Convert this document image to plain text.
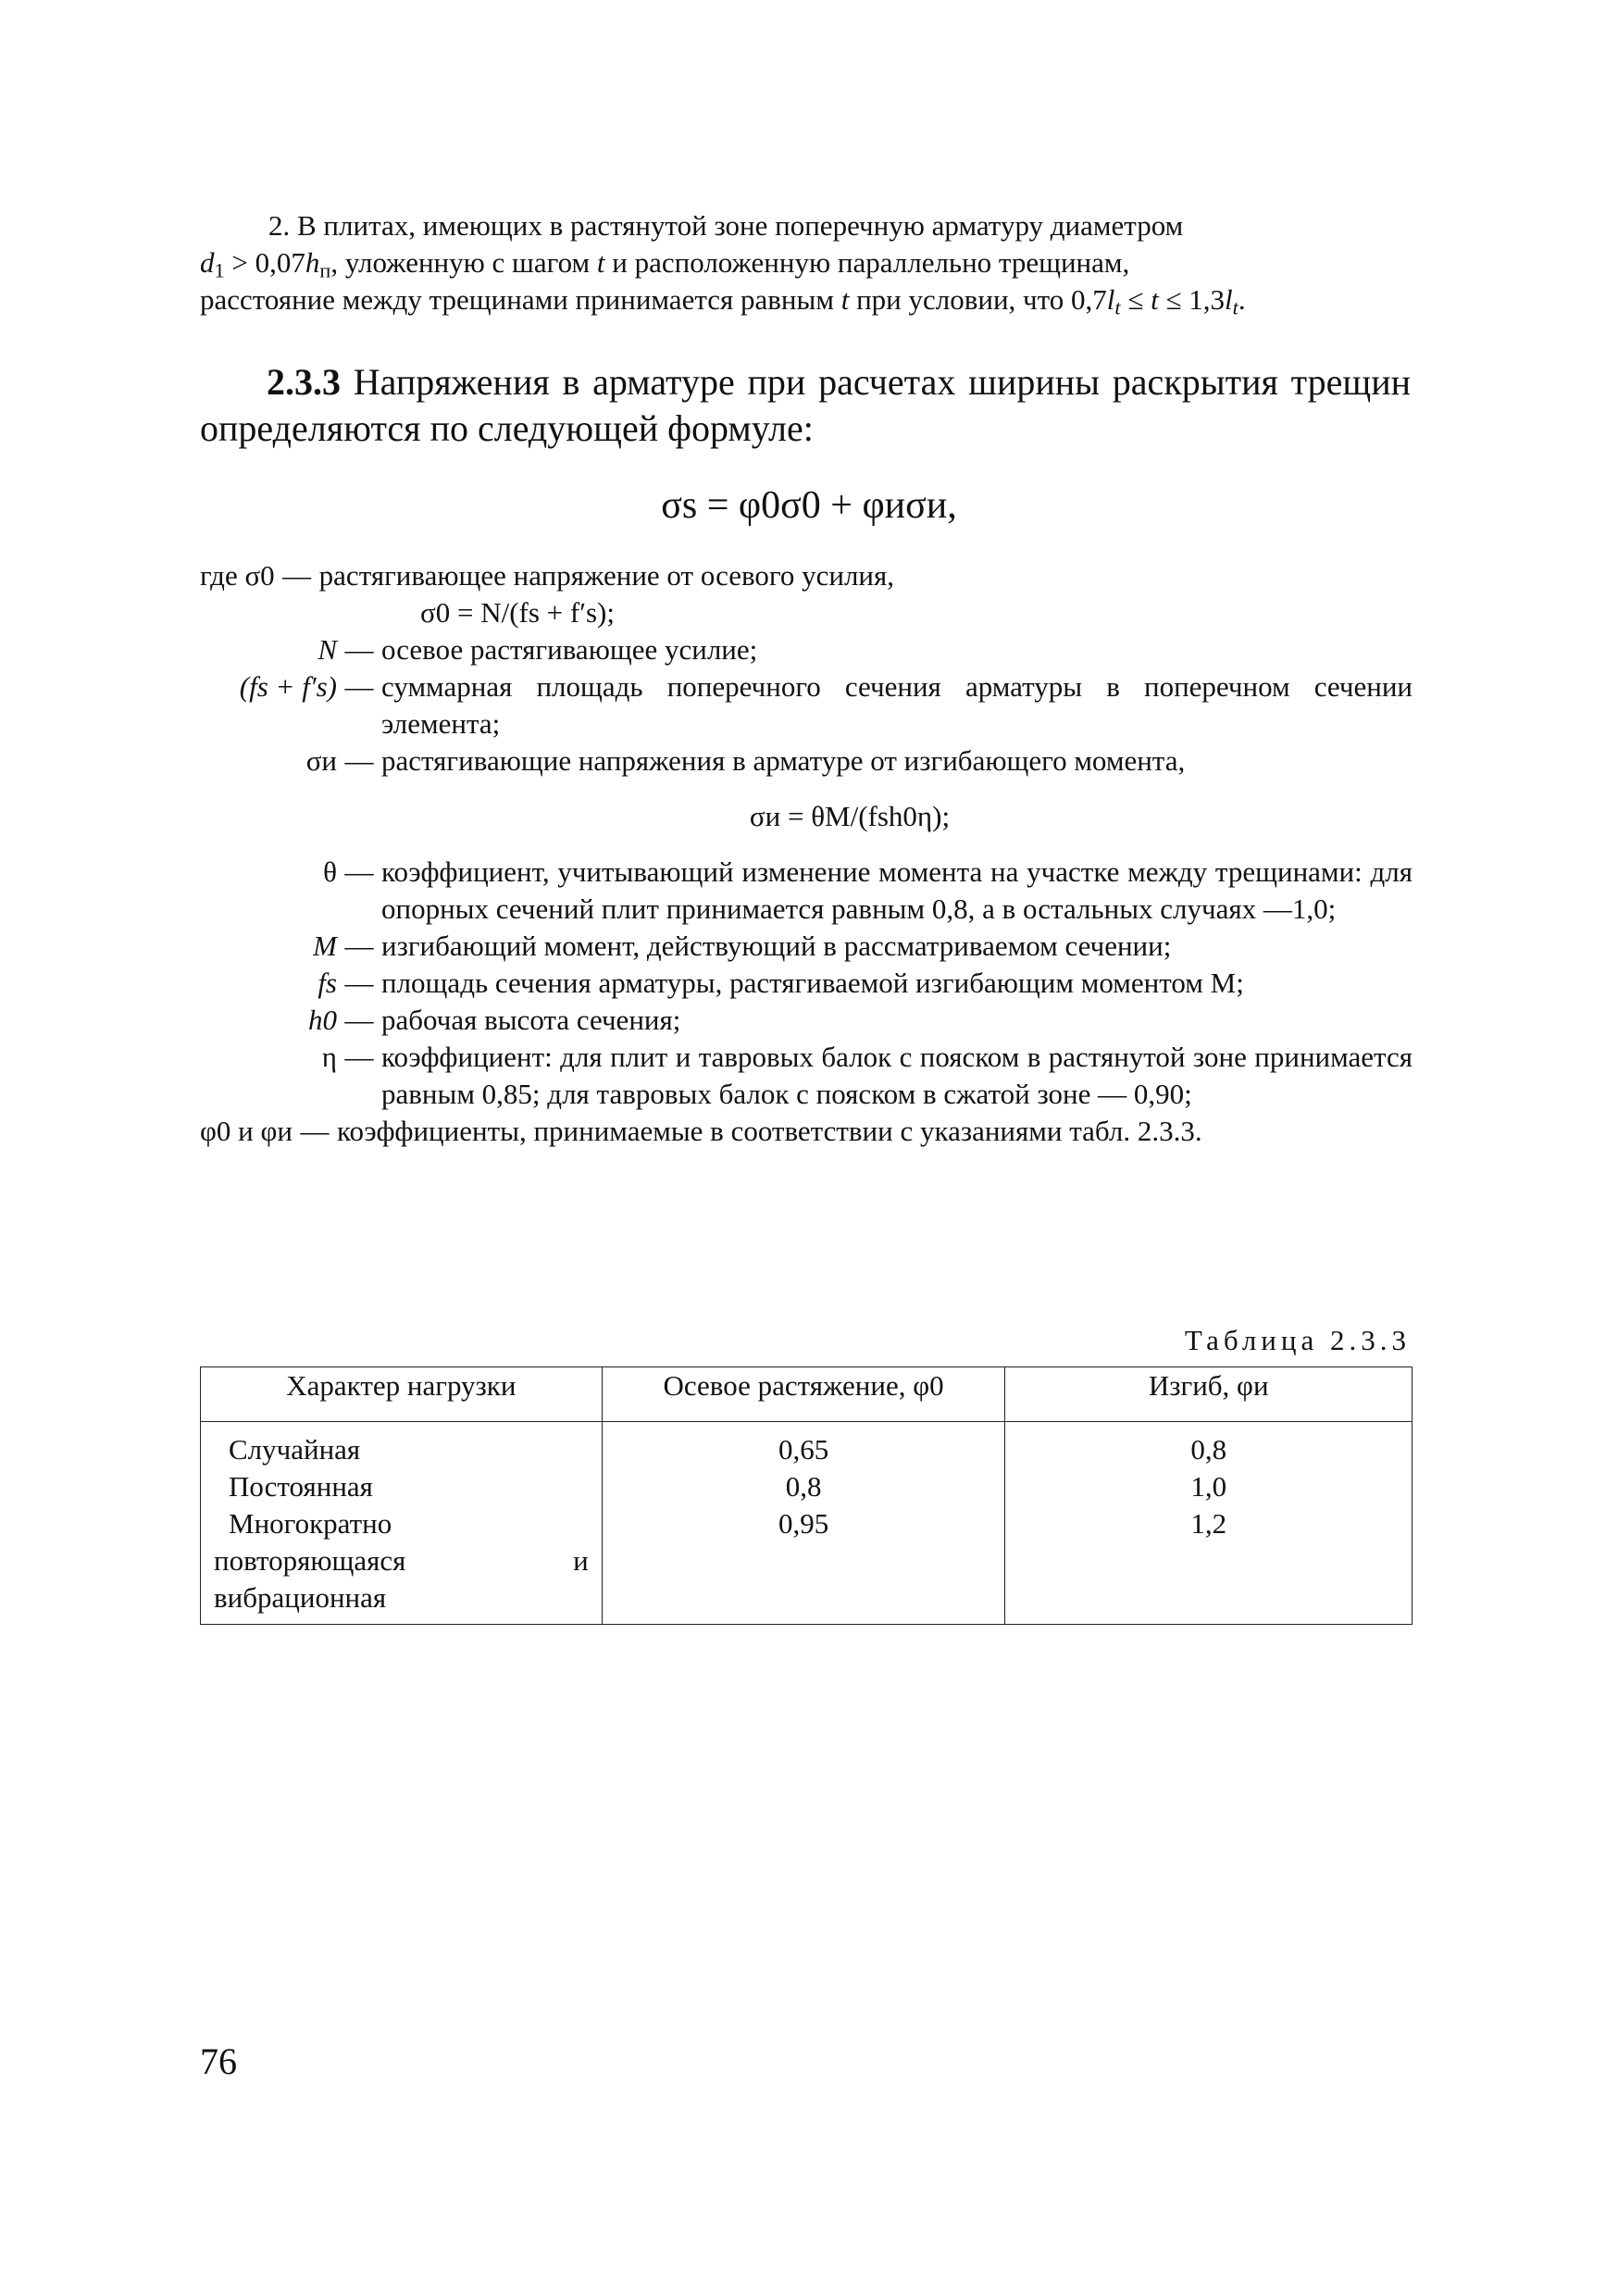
2. В плитах, имеющих в растянутой зоне поперечную арматуру диаметром

$d_1 > 0,07h_п$, уложенную с шагом t и расположенную параллельно трещинам,

расстояние между трещинами принимается равным t при условии, что $0,7l_t \le t \le 1,3l_t$.

2.3.3 Напряжения в арматуре при расчетах ширины раскрытия трещин определяются по следующей формуле:

σs = φ0σ0 + φиσи,
где σ0 — растягивающее напряжение от осевого усилия,
σ0 = N/(fs + f′s);
N — осевое растягивающее усилие;
(fs + f′s) — суммарная площадь поперечного сечения арматуры в поперечном сечении элемента;
σи — растягивающие напряжения в арматуре от изгибающего момента,
σи = θM/(fsh0η);
θ — коэффициент, учитывающий изменение момента на участке между трещинами: для опорных сечений плит принимается равным 0,8, а в остальных случаях —1,0;
M — изгибающий момент, действующий в рассматриваемом сечении;
fs — площадь сечения арматуры, растягиваемой изгибающим моментом M;
h0 — рабочая высота сечения;
η — коэффициент: для плит и тавровых балок с пояском в растянутой зоне принимается равным 0,85; для тавровых балок с пояском в сжатой зоне — 0,90;
φ0 и φи — коэффициенты, принимаемые в соответствии с указаниями табл. 2.3.3.
Таблица 2.3.3
Характер нагрузки	Осевое растяжение, φ0	Изгиб, φи
Случайная	0,65	0,8
Постоянная	0,8	1,0
Многократно повторяющаяся и вибрационная	0,95	1,2
76
